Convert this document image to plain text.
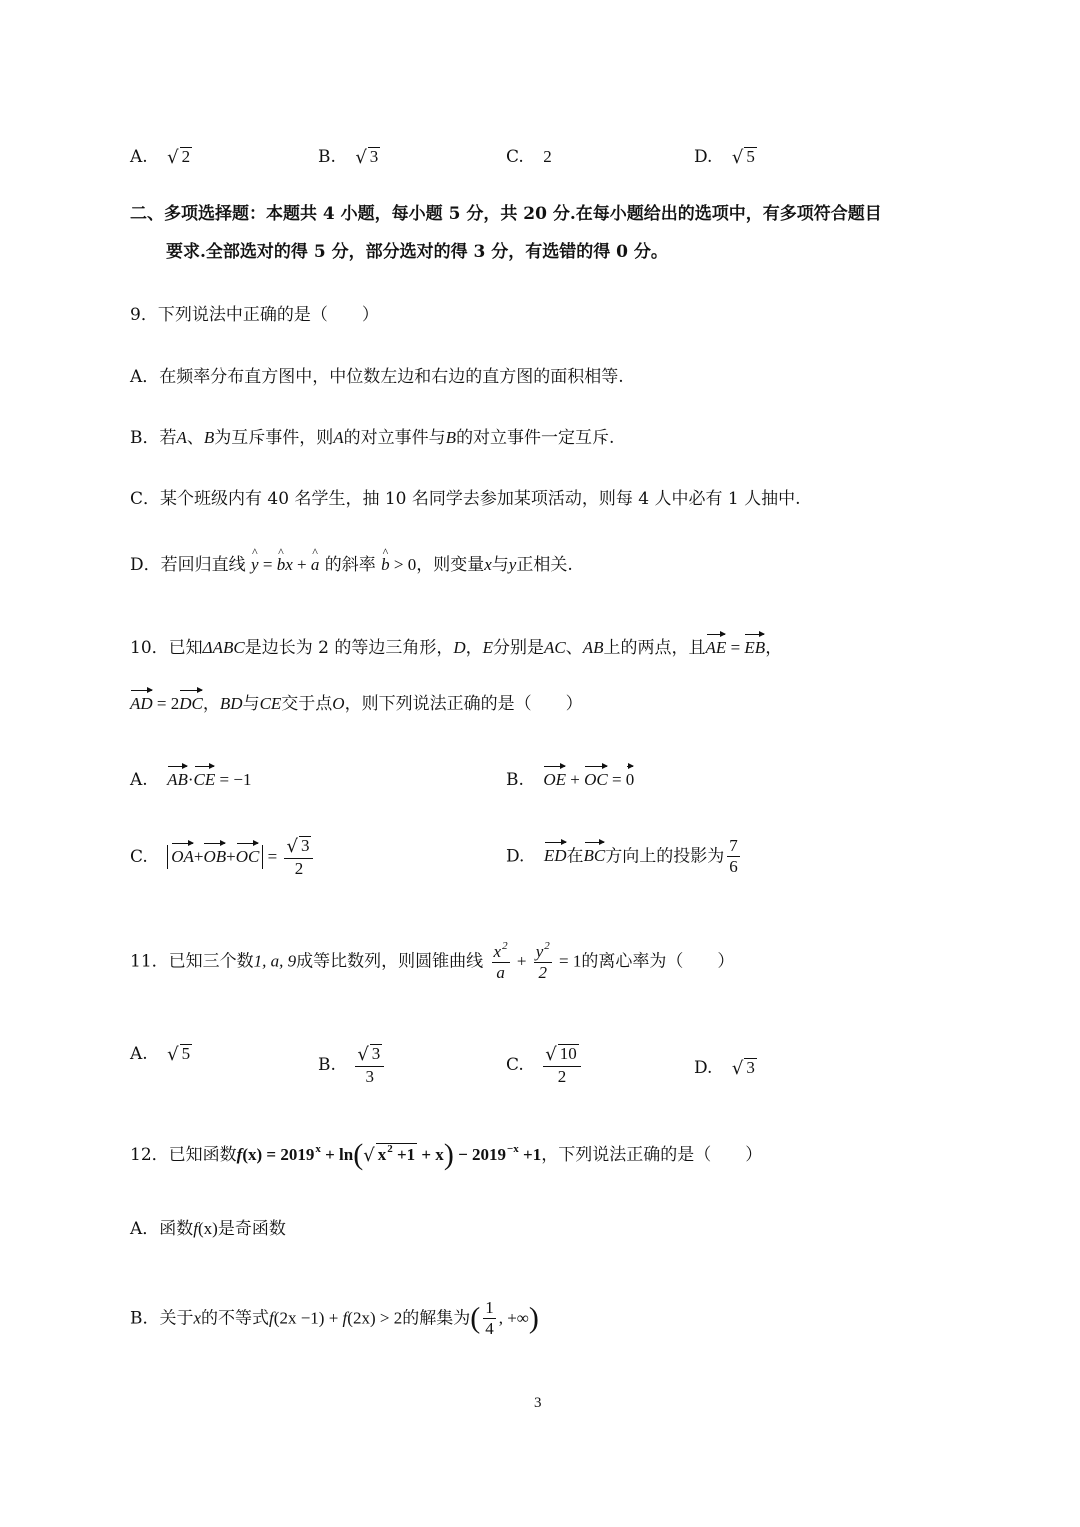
A. √ 2	B. √ 3	C. 2	D. √ 5
二、多项选择题：本题共 4 小题，每小题 5 分，共 20 分.在每小题给出的选项中，有多项符合题目
要求.全部选对的得 5 分，部分选对的得 3 分，有选错的得 0 分。
9．下列说法中正确的是（　　）
A．在频率分布直方图中，中位数左边和右边的直方图的面积相等.
B．若A、B为互斥事件，则A的对立事件与B的对立事件一定互斥.
C．某个班级内有 40 名学生，抽 10 名同学去参加某项活动，则每 4 人中必有 1 人抽中.
D．若回归直线 ^ y = ^ bx + ^ a 的斜率 ^ b > 0，则变量x与y正相关.
10．已知ΔABC是边长为 2 的等边三角形，D，E分别是AC、AB上的两点，且AE = EB，
AD = 2DC，BD与CE交于点O，则下列说法正确的是（　　）
A. AB·CE = −1	B. OE + OC = 0
C. $OA+OB+OC = \frac{√ 3}{2}$	D. ED在BC方向上的投影为 $\frac{7}{6}$
11．已知三个数1, a, 9成等比数列，则圆锥曲线 $\frac{x^2}{a} + \frac{y^2}{2} = 1$的离心率为（　　）
A. √ 5
B. $\frac{√ 3}{3}$	C. $\frac{√ 10}{2}$	D. √ 3
12．已知函数$f(x) = 2019^x + \ln(√$ $x^2 +1 + x) - 2019^{-x} +1$，下列说法正确的是（　　）
A．函数f(x)是奇函数
B．关于x的不等式f(2x −1) + f(2x) > 2的解集为( $\frac{1}{4}$ , +∞)
3
